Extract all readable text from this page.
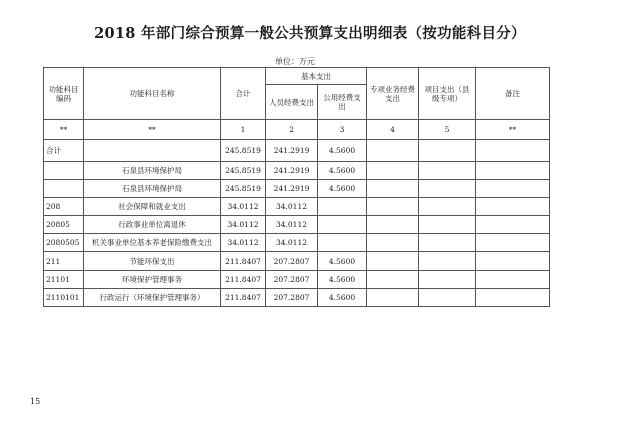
2018 年部门综合预算一般公共预算支出明细表（按功能科目分）
单位：万元
功能科目编码	功能科目名称	合计	基本支出		专项业务经费支出	项目支出（县级专项）	备注
			人员经费支出	公用经费支出			
**	**	1	2	3	4	5	**
合计		245.8519	241.2919	4.5600			
	石泉县环境保护局	245.8519	241.2919	4.5600			
	石泉县环境保护局	245.8519	241.2919	4.5600			
208	社会保障和就业支出	34.0112	34.0112				
20805	行政事业单位离退休	34.0112	34.0112				
2080505	机关事业单位基本养老保险缴费支出	34.0112	34.0112				
211	节能环保支出	211.8407	207.2807	4.5600			
21101	环境保护管理事务	211.8407	207.2807	4.5600			
2110101	行政运行（环境保护管理事务）	211.8407	207.2807	4.5600			
15
